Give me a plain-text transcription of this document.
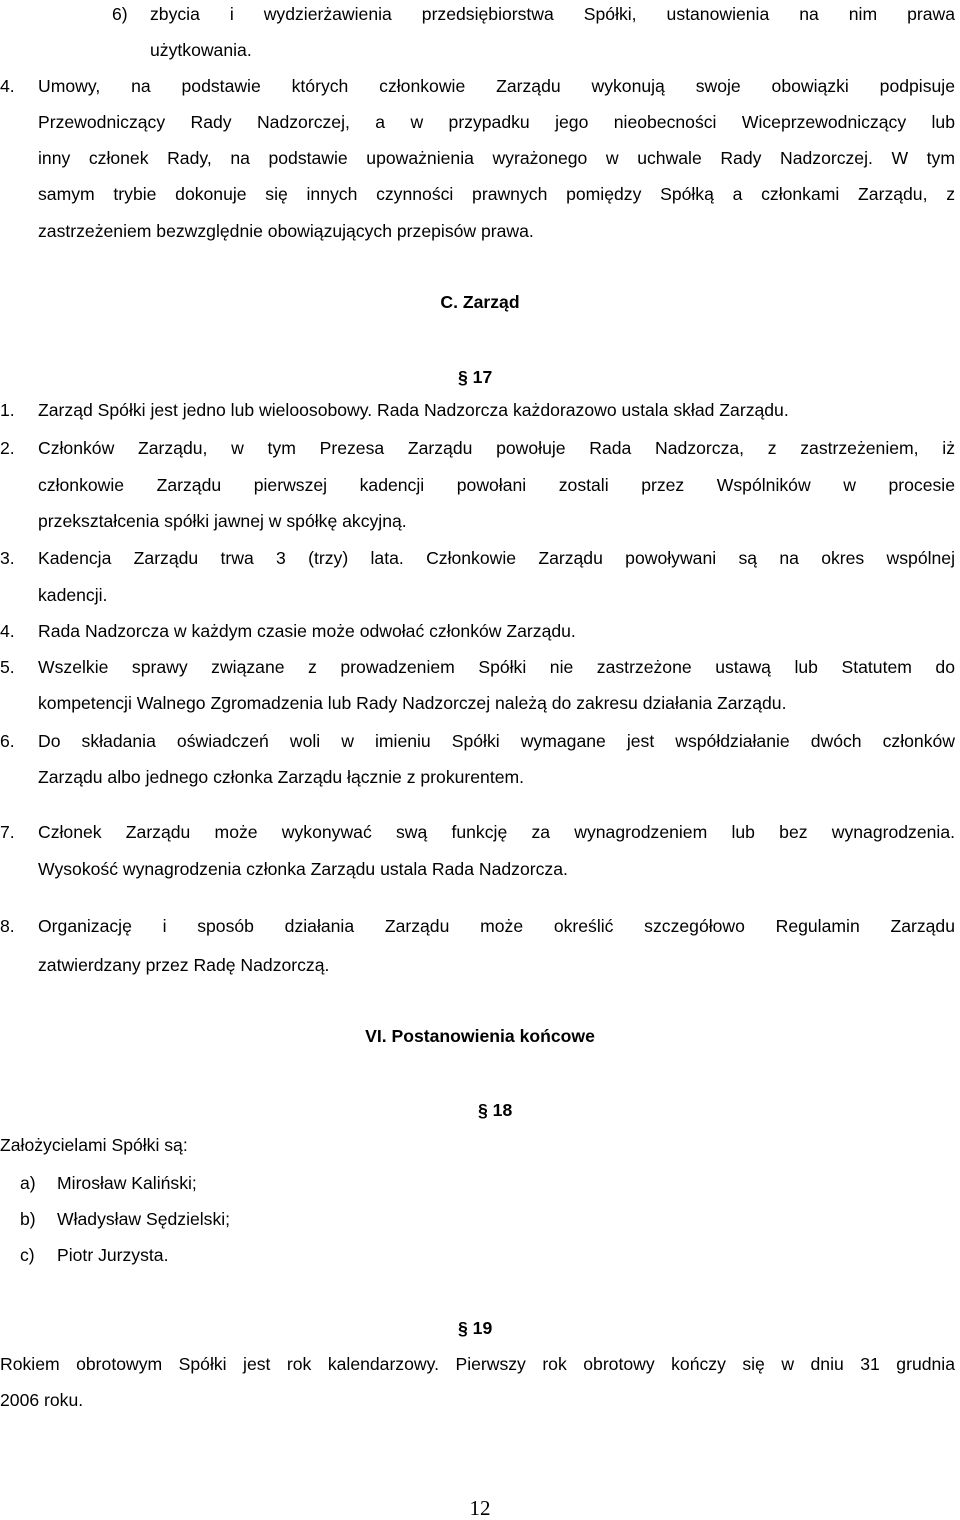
6) zbycia i wydzierżawienia przedsiębiorstwa Spółki, ustanowienia na nim prawa
użytkowania.
4. Umowy, na podstawie których członkowie Zarządu wykonują swoje obowiązki podpisuje
Przewodniczący Rady Nadzorczej, a w przypadku jego nieobecności Wiceprzewodniczący lub
inny członek Rady, na podstawie upoważnienia wyrażonego w uchwale Rady Nadzorczej. W tym
samym trybie dokonuje się innych czynności prawnych pomiędzy Spółką a członkami Zarządu, z
zastrzeżeniem bezwzględnie obowiązujących przepisów prawa.
C. Zarząd
§ 17
1. Zarząd Spółki jest jedno lub wieloosobowy. Rada Nadzorcza każdorazowo ustala skład Zarządu.
2. Członków Zarządu, w tym Prezesa Zarządu powołuje Rada Nadzorcza, z zastrzeżeniem, iż
członkowie Zarządu pierwszej kadencji powołani zostali przez Wspólników w procesie
przekształcenia spółki jawnej w spółkę akcyjną.
3. Kadencja Zarządu trwa 3 (trzy) lata. Członkowie Zarządu powoływani są na okres wspólnej
kadencji.
4. Rada Nadzorcza w każdym czasie może odwołać członków Zarządu.
5. Wszelkie sprawy związane z prowadzeniem Spółki nie zastrzeżone ustawą lub Statutem do
kompetencji Walnego Zgromadzenia lub Rady Nadzorczej należą do zakresu działania Zarządu.
6. Do składania oświadczeń woli w imieniu Spółki wymagane jest współdziałanie dwóch członków
Zarządu albo jednego członka Zarządu łącznie z prokurentem.
7. Członek Zarządu może wykonywać swą funkcję za wynagrodzeniem lub bez wynagrodzenia.
Wysokość wynagrodzenia członka Zarządu ustala Rada Nadzorcza.
8. Organizację i sposób działania Zarządu może określić szczegółowo Regulamin Zarządu
zatwierdzany przez Radę Nadzorczą.
VI. Postanowienia końcowe
§ 18
Założycielami Spółki są:
a) Mirosław Kaliński;
b) Władysław Sędzielski;
c) Piotr Jurzysta.
§ 19
Rokiem obrotowym Spółki jest rok kalendarzowy. Pierwszy rok obrotowy kończy się w dniu 31 grudnia
2006 roku.
12
